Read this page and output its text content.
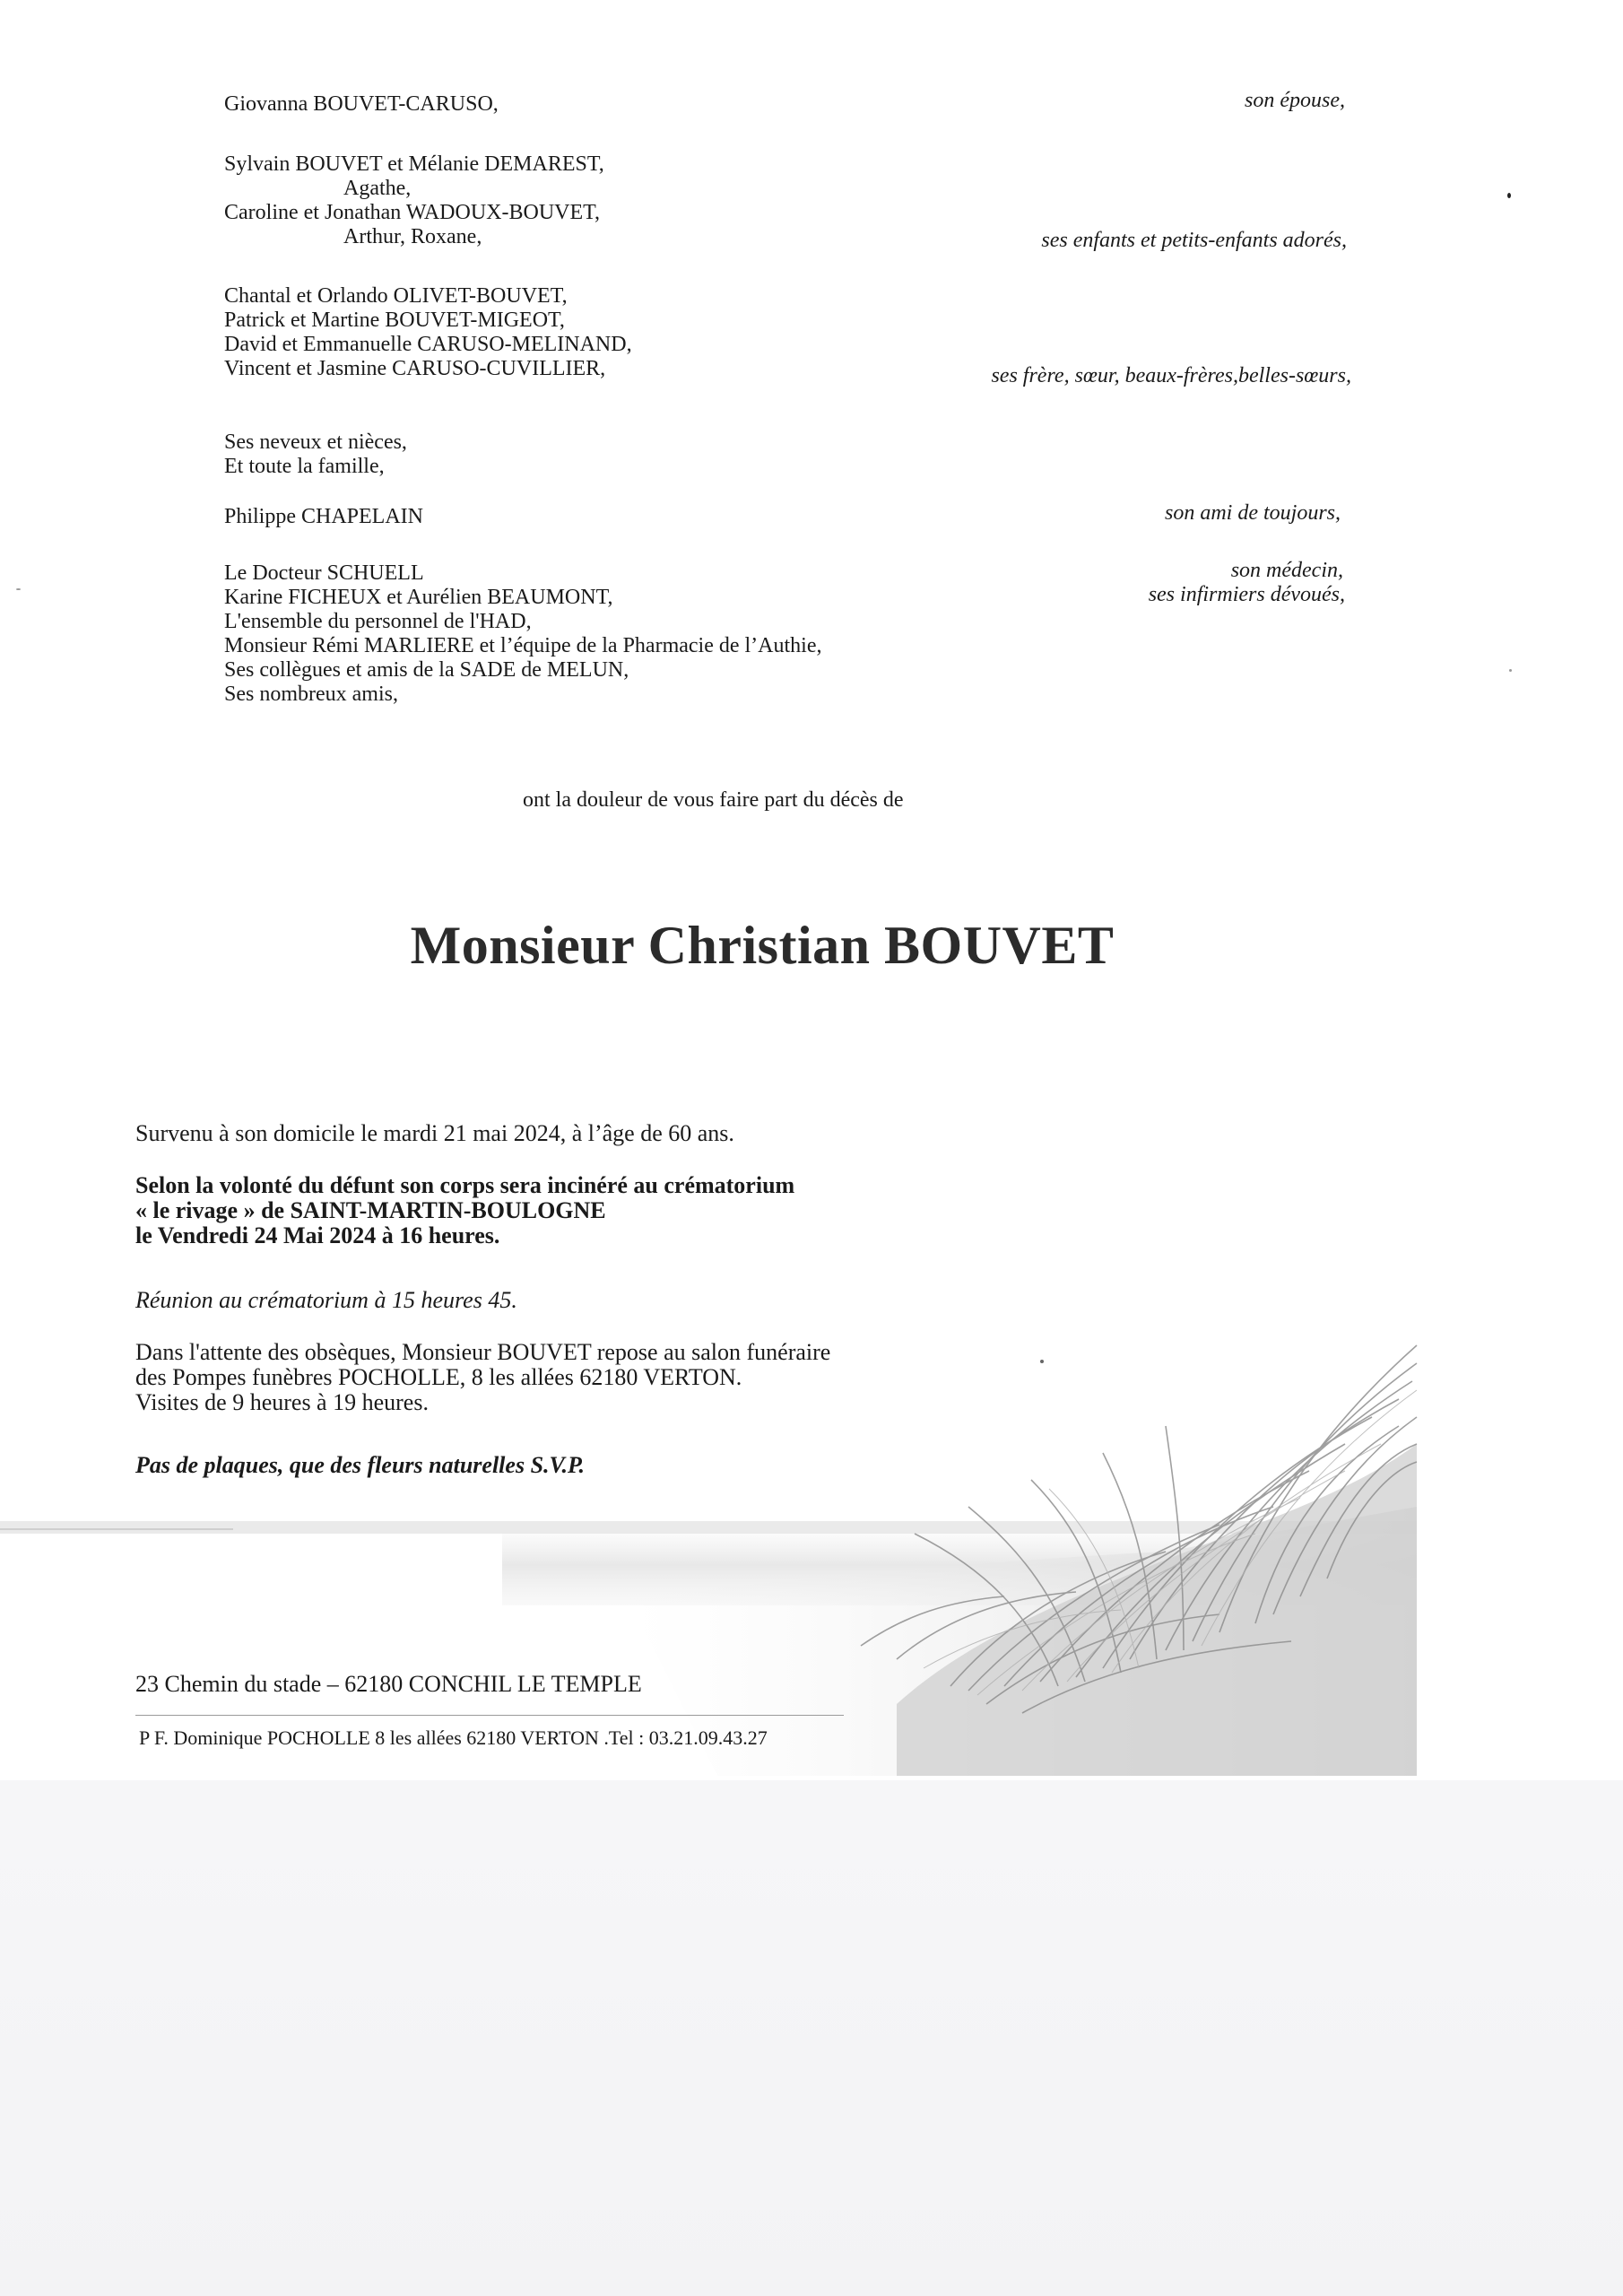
Giovanna BOUVET-CARUSO,	son épouse,
Sylvain BOUVET et Mélanie DEMAREST,
Agathe,
Caroline et Jonathan WADOUX-BOUVET,
Arthur, Roxane,	ses enfants et petits-enfants adorés,
Chantal et Orlando OLIVET-BOUVET,
Patrick et Martine BOUVET-MIGEOT,
David et Emmanuelle CARUSO-MELINAND,
Vincent et Jasmine CARUSO-CUVILLIER,	ses frère, sœur, beaux-frères,belles-sœurs,
Ses neveux et nièces,
Et toute la famille,
Philippe CHAPELAIN	son ami de toujours,
Le Docteur SCHUELL	son médecin,
Karine FICHEUX et Aurélien BEAUMONT,	ses infirmiers dévoués,
L'ensemble du personnel de l'HAD,
Monsieur Rémi MARLIERE et l’équipe de la Pharmacie de l’Authie,
Ses collègues et amis de la SADE de MELUN,
Ses nombreux amis,
ont la douleur de vous faire part du décès de
Monsieur Christian BOUVET
Survenu à son domicile le mardi 21 mai 2024, à l’âge de 60 ans.
Selon la volonté du défunt son corps sera incinéré au crématorium
« le rivage » de SAINT-MARTIN-BOULOGNE
le Vendredi 24 Mai 2024 à 16 heures.
Réunion au crématorium à 15 heures 45.
Dans l'attente des obsèques, Monsieur BOUVET repose au salon funéraire
des Pompes funèbres POCHOLLE, 8 les allées 62180 VERTON.
Visites de 9 heures à 19 heures.
Pas de plaques, que des fleurs naturelles S.V.P.
23 Chemin du stade – 62180 CONCHIL LE TEMPLE
P F. Dominique POCHOLLE 8 les allées 62180 VERTON .Tel : 03.21.09.43.27
